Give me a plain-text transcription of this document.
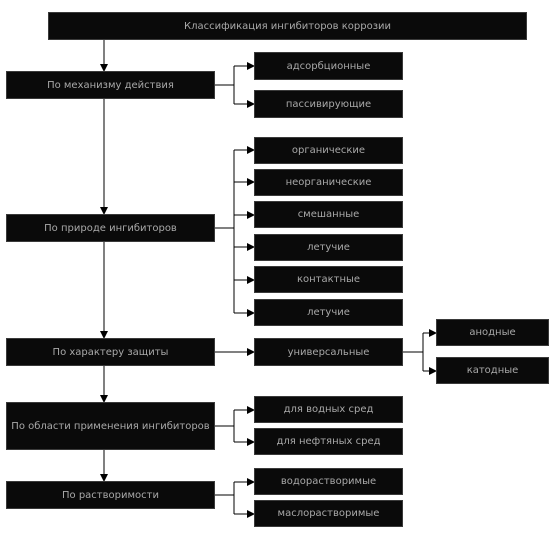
Классификация ингибиторов коррозии
По механизму действия
адсорбционные
пассивирующие
По природе ингибиторов
органические
неорганические
смешанные
летучие
контактные
летучие
По характеру защиты	универсальные
анодные
катодные
По области применения ингибиторов
для водных сред
для нефтяных сред
По растворимости
водорастворимые
маслорастворимые
